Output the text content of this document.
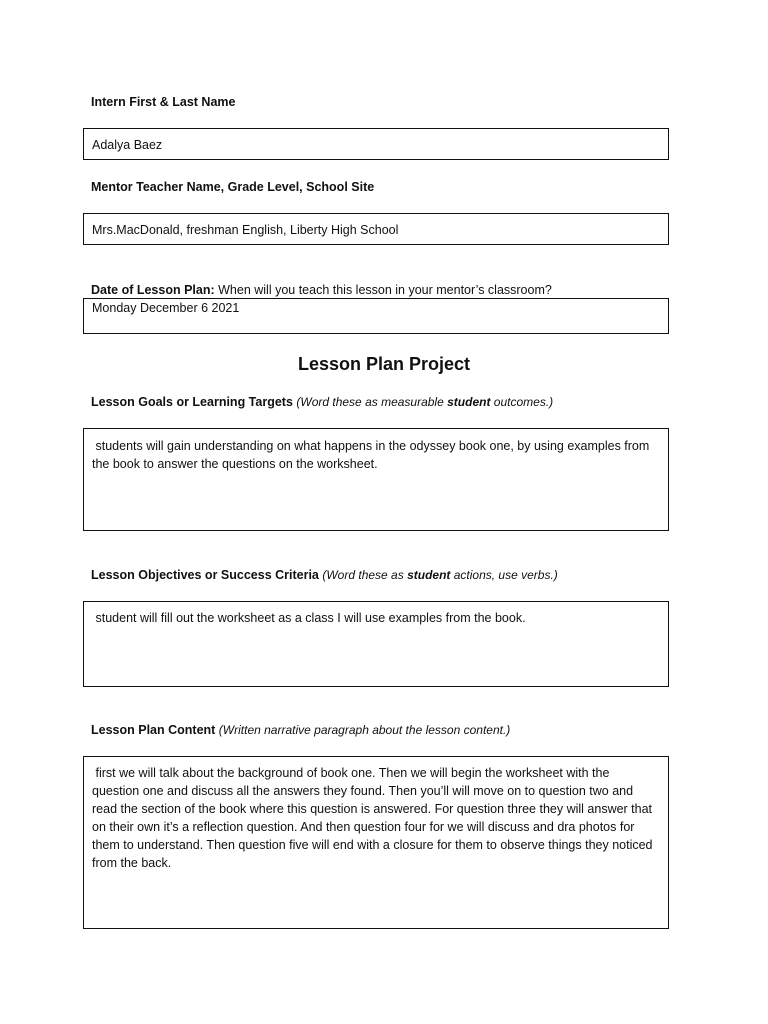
Intern First & Last Name
Adalya Baez
Mentor Teacher Name, Grade Level, School Site
Mrs.MacDonald, freshman English, Liberty High School
Date of Lesson Plan: When will you teach this lesson in your mentor’s classroom?
Monday December 6 2021
Lesson Plan Project
Lesson Goals or Learning Targets (Word these as measurable student outcomes.)
students will gain understanding on what happens in the odyssey book one, by using examples from the book to answer the questions on the worksheet.
Lesson Objectives or Success Criteria (Word these as student actions, use verbs.)
student will fill out the worksheet as a class I will use examples from the book.
Lesson Plan Content (Written narrative paragraph about the lesson content.)
first we will talk about the background of book one. Then we will begin the worksheet with the question one and discuss all the answers they found. Then you’ll will move on to question two and read the section of the book where this question is answered. For question three they will answer that on their own it’s a reflection question. And then question four for we will discuss and dra photos for them to understand. Then question five will end with a closure for them to observe things they noticed from the back.
